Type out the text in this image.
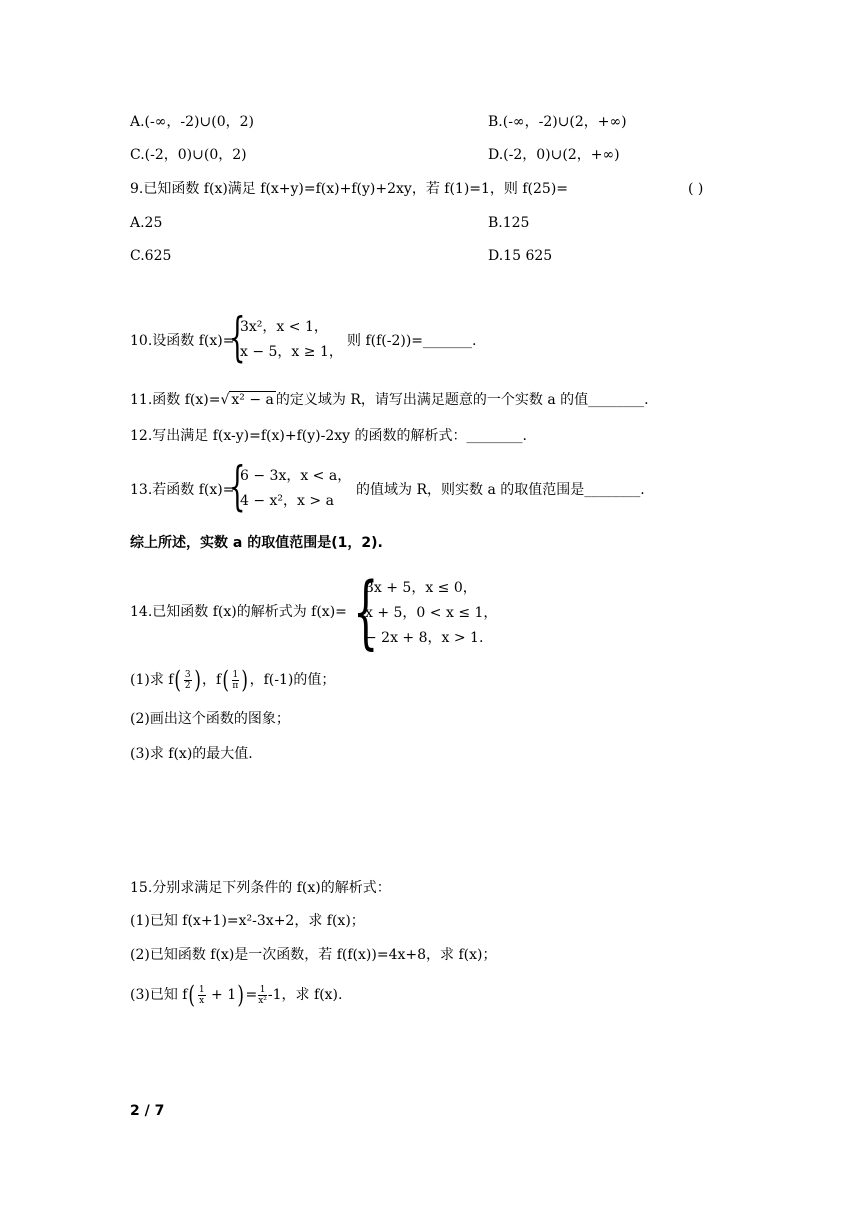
A.(-∞，-2)∪(0，2)	B.(-∞，-2)∪(2，+∞)
C.(-2，0)∪(0，2)	D.(-2，0)∪(2，+∞)
9.已知函数 f(x)满足 f(x+y)=f(x)+f(y)+2xy，若 f(1)=1，则 f(25)=	( )
A.25	B.125
C.625	D.15 625
10.设函数 f(x)=
{
3x²，x < 1，
x − 5，x ≥ 1，
则 f(f(-2))=_______.
11.函数 f(x)=√ x² − a 的定义域为 R，请写出满足题意的一个实数 a 的值________.
12.写出满足 f(x-y)=f(x)+f(y)-2xy 的函数的解析式：________.
13.若函数 f(x)=
{
6 − 3x，x < a，
4 − x²，x > a
的值域为 R，则实数 a 的取值范围是________.
综上所述，实数 a 的取值范围是(1，2).
14.已知函数 f(x)的解析式为 f(x)= {
3x + 5，x ≤ 0，
x + 5，0 < x ≤ 1，
− 2x + 8，x > 1.
(1)求 $f( \frac{3}{2}$ )，$f( \frac{1}{\pi}$ )，f(-1)的值；
(2)画出这个函数的图象；
(3)求 f(x)的最大值.
15.分别求满足下列条件的 f(x)的解析式：
(1)已知 f(x+1)=x²-3x+2，求 f(x)；
(2)已知函数 f(x)是一次函数，若 f(f(x))=4x+8，求 f(x)；
(3)已知 $f( \frac{1}{x} + 1)= \frac{1}{\text{x²}} -1$，求 f(x).
2 / 7
